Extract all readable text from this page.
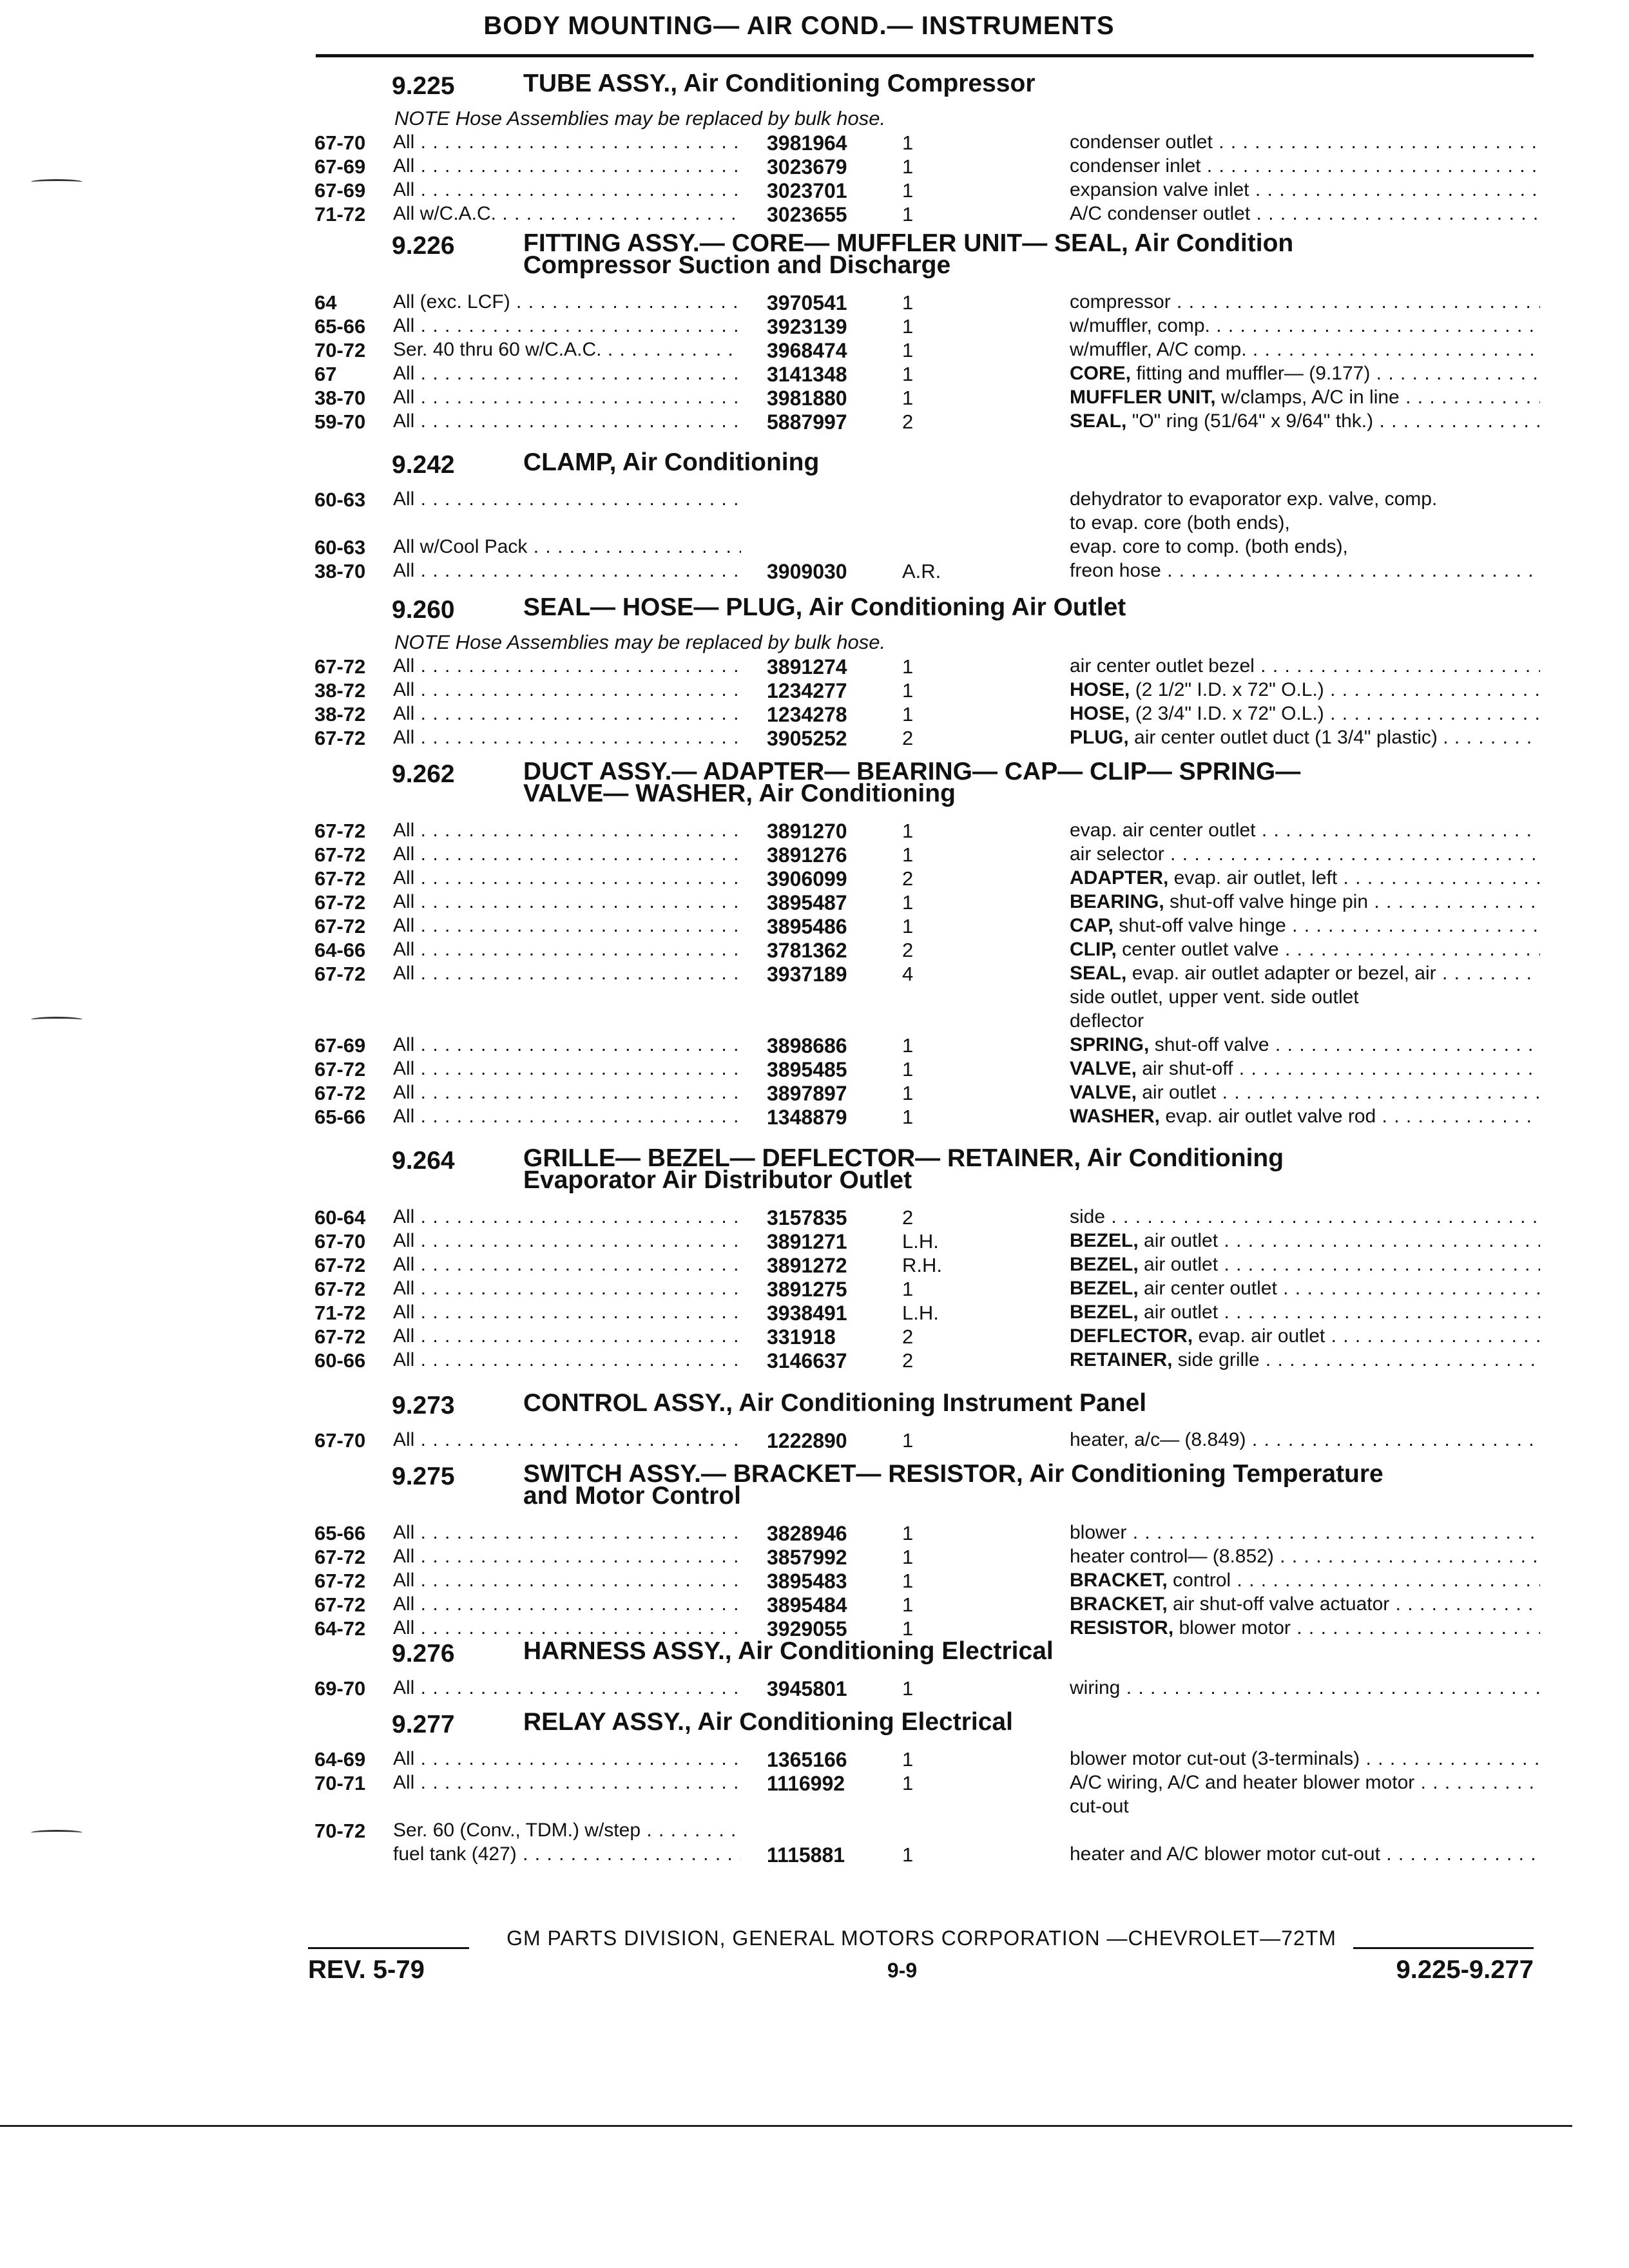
BODY MOUNTING— AIR COND.— INSTRUMENTS
9.225	TUBE ASSY., Air Conditioning Compressor
NOTE Hose Assemblies may be replaced by bulk hose.
67-70 All . . .	3981964	1	condenser outlet . . .
67-69 All . . .	3023679	1	condenser inlet . . .
67-69 All . . .	3023701	1	expansion valve inlet . . .
71-72 All w/C.A.C. . . .	3023655	1	A/C condenser outlet . . .
9.226	FITTING ASSY.— CORE— MUFFLER UNIT— SEAL, Air Condition
Compressor Suction and Discharge
64	All (exc. LCF) . . .	3970541	1	compressor . . .
65-66 All . . .	3923139	1	w/muffler, comp. . . .
70-72 Ser. 40 thru 60 w/C.A.C. . . .	3968474	1	w/muffler, A/C comp. . . .
67	All . . .	3141348	1	CORE, fitting and muffler— (9.177) . . .
38-70 All . . .	3981880	1	MUFFLER UNIT, w/clamps, A/C in line . . .
59-70 All . . .	5887997	2	SEAL, "O" ring (51/64" x 9/64" thk.) . . .
9.242	CLAMP, Air Conditioning
60-63 All . . .	dehydrator to evaporator exp. valve, comp.
to evap. core (both ends),
60-63 All w/Cool Pack . . .	evap. core to comp. (both ends),
38-70 All . . .	3909030	A.R.	freon hose . . .
9.260	SEAL— HOSE— PLUG, Air Conditioning Air Outlet
NOTE Hose Assemblies may be replaced by bulk hose.
67-72 All . . .	3891274	1	air center outlet bezel . . .
38-72 All . . .	1234277	1	HOSE, (2 1/2" I.D. x 72" O.L.) . . .
38-72 All . . .	1234278	1	HOSE, (2 3/4" I.D. x 72" O.L.) . . .
67-72 All . . .	3905252	2	PLUG, air center outlet duct (1 3/4" plastic) . . . .
9.262	DUCT ASSY.— ADAPTER— BEARING— CAP— CLIP— SPRING—
VALVE— WASHER, Air Conditioning
67-72 All . . .	3891270	1	evap. air center outlet . . .
67-72 All . . .	3891276	1	air selector . . .
67-72 All . . .	3906099	2	ADAPTER, evap. air outlet, left . . .
67-72 All . . .	3895487	1	BEARING, shut-off valve hinge pin . . .
67-72 All . . .	3895486	1	CAP, shut-off valve hinge . . .
64-66 All . . .	3781362	2	CLIP, center outlet valve . . .
67-72 All . . .	3937189	4	SEAL, evap. air outlet adapter or bezel, air . . .
side outlet, upper vent. side outlet
deflector
67-69 All . . .	3898686	1	SPRING, shut-off valve . . .
67-72 All . . .	3895485	1	VALVE, air shut-off . . .
67-72 All . . .	3897897	1	VALVE, air outlet . . .
65-66 All . . .	1348879	1	WASHER, evap. air outlet valve rod . . .
9.264	GRILLE— BEZEL— DEFLECTOR— RETAINER, Air Conditioning
Evaporator Air Distributor Outlet
60-64 All . . .	3157835	2	side . . .
67-70 All . . .	3891271	L.H.	BEZEL, air outlet . . .
67-72 All . . .	3891272	R.H.	BEZEL, air outlet . . .
67-72 All . . .	3891275	1	BEZEL, air center outlet . . .
71-72 All . . .	3938491	L.H.	BEZEL, air outlet . . .
67-72 All . . .	331918	2	DEFLECTOR, evap. air outlet . . .
60-66 All . . .	3146637	2	RETAINER, side grille . . .
9.273	CONTROL ASSY., Air Conditioning Instrument Panel
67-70 All . . .	1222890	1	heater, a/c— (8.849) . . .
9.275	SWITCH ASSY.— BRACKET— RESISTOR, Air Conditioning Temperature
and Motor Control
65-66 All . . .	3828946	1	blower . . .
67-72 All . . .	3857992	1	heater control— (8.852) . . .
67-72 All . . .	3895483	1	BRACKET, control . . .
67-72 All . . .	3895484	1	BRACKET, air shut-off valve actuator . . .
64-72 All . . .	3929055	1	RESISTOR, blower motor . . .
9.276	HARNESS ASSY., Air Conditioning Electrical
69-70 All . . .	3945801	1	wiring . . .
9.277	RELAY ASSY., Air Conditioning Electrical
64-69 All . . .	1365166	1	blower motor cut-out (3-terminals) . . .
70-71 All . . .	1116992	1	A/C wiring, A/C and heater blower motor . . .
cut-out
70-72 Ser. 60 (Conv., TDM.) w/step . . .
fuel tank (427) . . .	1115881	1	heater and A/C blower motor cut-out . . .
GM PARTS DIVISION, GENERAL MOTORS CORPORATION —CHEVROLET—72TM
REV. 5-79	9-9	9.225-9.277
